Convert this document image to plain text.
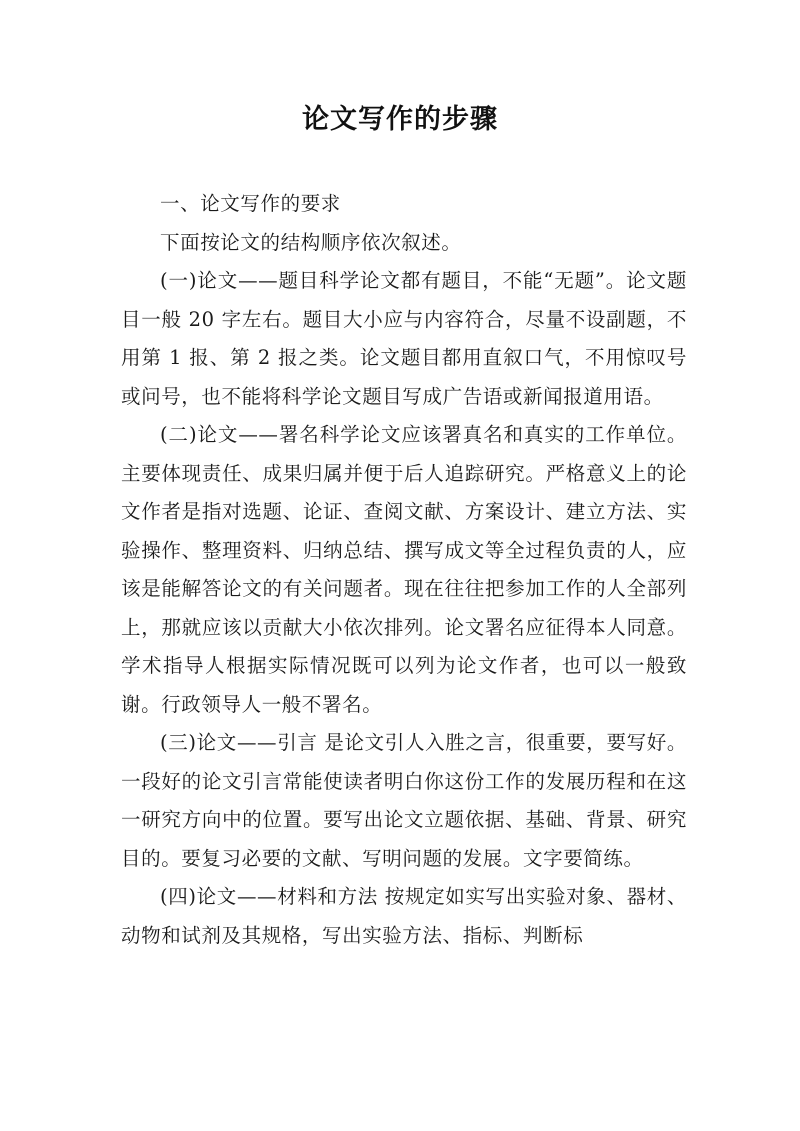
论文写作的步骤

一、论文写作的要求

下面按论文的结构顺序依次叙述。

(一)论文——题目科学论文都有题目，不能“无题”。论文题目一般 20 字左右。题目大小应与内容符合，尽量不设副题，不用第 1 报、第 2 报之类。论文题目都用直叙口气，不用惊叹号或问号，也不能将科学论文题目写成广告语或新闻报道用语。

(二)论文——署名科学论文应该署真名和真实的工作单位。主要体现责任、成果归属并便于后人追踪研究。严格意义上的论文作者是指对选题、论证、查阅文献、方案设计、建立方法、实验操作、整理资料、归纳总结、撰写成文等全过程负责的人，应该是能解答论文的有关问题者。现在往往把参加工作的人全部列上，那就应该以贡献大小依次排列。论文署名应征得本人同意。学术指导人根据实际情况既可以列为论文作者，也可以一般致谢。行政领导人一般不署名。

(三)论文——引言 是论文引人入胜之言，很重要，要写好。一段好的论文引言常能使读者明白你这份工作的发展历程和在这一研究方向中的位置。要写出论文立题依据、基础、背景、研究目的。要复习必要的文献、写明问题的发展。文字要简练。

(四)论文——材料和方法 按规定如实写出实验对象、器材、动物和试剂及其规格，写出实验方法、指标、判断标
